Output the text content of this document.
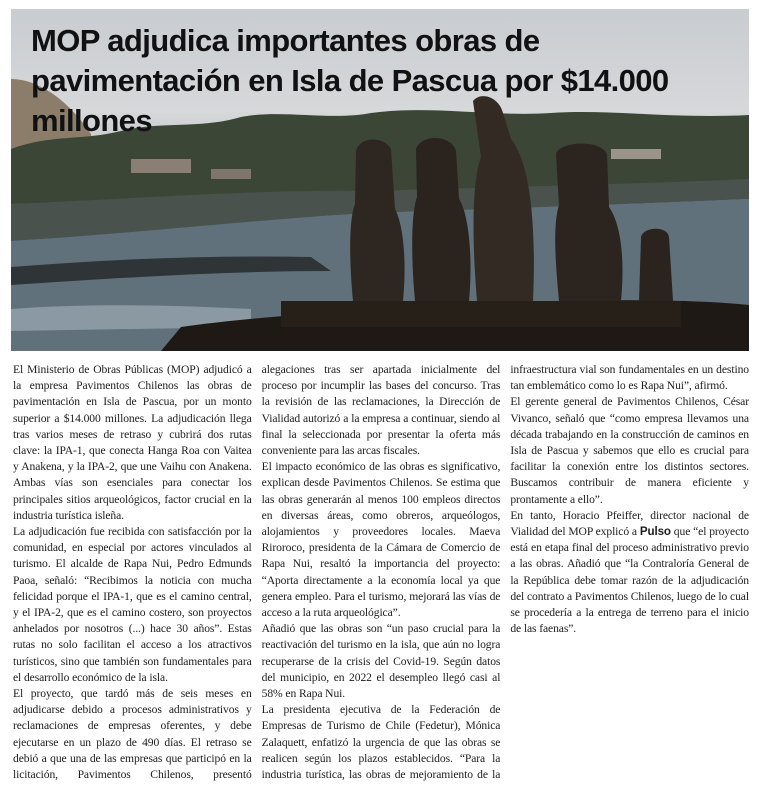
MOP adjudica importantes obras de pavimentación en Isla de Pascua por $14.000 millones

El Ministerio de Obras Públicas (MOP) adjudicó a la empresa Pavimentos Chilenos las obras de pavimentación en Isla de Pascua, por un monto superior a $14.000 millones. La adjudicación llega tras varios meses de retraso y cubrirá dos rutas clave: la IPA-1, que conecta Hanga Roa con Vaitea y Anakena, y la IPA-2, que une Vaihu con Anakena. Ambas vías son esenciales para conectar los principales sitios arqueológicos, factor crucial en la industria turística isleña.

La adjudicación fue recibida con satisfacción por la comunidad, en especial por actores vinculados al turismo. El alcalde de Rapa Nui, Pedro Edmunds Paoa, señaló: “Recibimos la noticia con mucha felicidad porque el IPA-1, que es el camino central, y el IPA-2, que es el camino costero, son proyectos anhelados por nosotros (...) hace 30 años”. Estas rutas no solo facilitan el acceso a los atractivos turísticos, sino que también son fundamentales para el desarrollo económico de la isla.

El proyecto, que tardó más de seis meses en adjudicarse debido a procesos administrativos y reclamaciones de empresas oferentes, y debe ejecutarse en un plazo de 490 días. El retraso se debió a que una de las empresas que participó en la licitación, Pavimentos Chilenos, presentó alegaciones tras ser apartada inicialmente del proceso por incumplir las bases del concurso. Tras la revisión de las reclamaciones, la Dirección de Vialidad autorizó a la empresa a continuar, siendo al final la seleccionada por presentar la oferta más conveniente para las arcas fiscales.

El impacto económico de las obras es significativo, explican desde Pavimentos Chilenos. Se estima que las obras generarán al menos 100 empleos directos en diversas áreas, como obreros, arqueólogos, alojamientos y proveedores locales. Maeva Riroroco, presidenta de la Cámara de Comercio de Rapa Nui, resaltó la importancia del proyecto: “Aporta directamente a la economía local ya que genera empleo. Para el turismo, mejorará las vías de acceso a la ruta arqueológica”.

Añadió que las obras son “un paso crucial para la reactivación del turismo en la isla, que aún no logra recuperarse de la crisis del Covid-19. Según datos del municipio, en 2022 el desempleo llegó casi al 58% en Rapa Nui.

La presidenta ejecutiva de la Federación de Empresas de Turismo de Chile (Fedetur), Mónica Zalaquett, enfatizó la urgencia de que las obras se realicen según los plazos establecidos. “Para la industria turística, las obras de mejoramiento de la infraestructura vial son fundamentales en un destino tan emblemático como lo es Rapa Nui”, afirmó.

El gerente general de Pavimentos Chilenos, César Vivanco, señaló que “como empresa llevamos una década trabajando en la construcción de caminos en Isla de Pascua y sabemos que ello es crucial para facilitar la conexión entre los distintos sectores. Buscamos contribuir de manera eficiente y prontamente a ello”.

En tanto, Horacio Pfeiffer, director nacional de Vialidad del MOP explicó a Pulso que “el proyecto está en etapa final del proceso administrativo previo a las obras. Añadió que “la Contraloría General de la República debe tomar razón de la adjudicación del contrato a Pavimentos Chilenos, luego de lo cual se procedería a la entrega de terreno para el inicio de las faenas”.
